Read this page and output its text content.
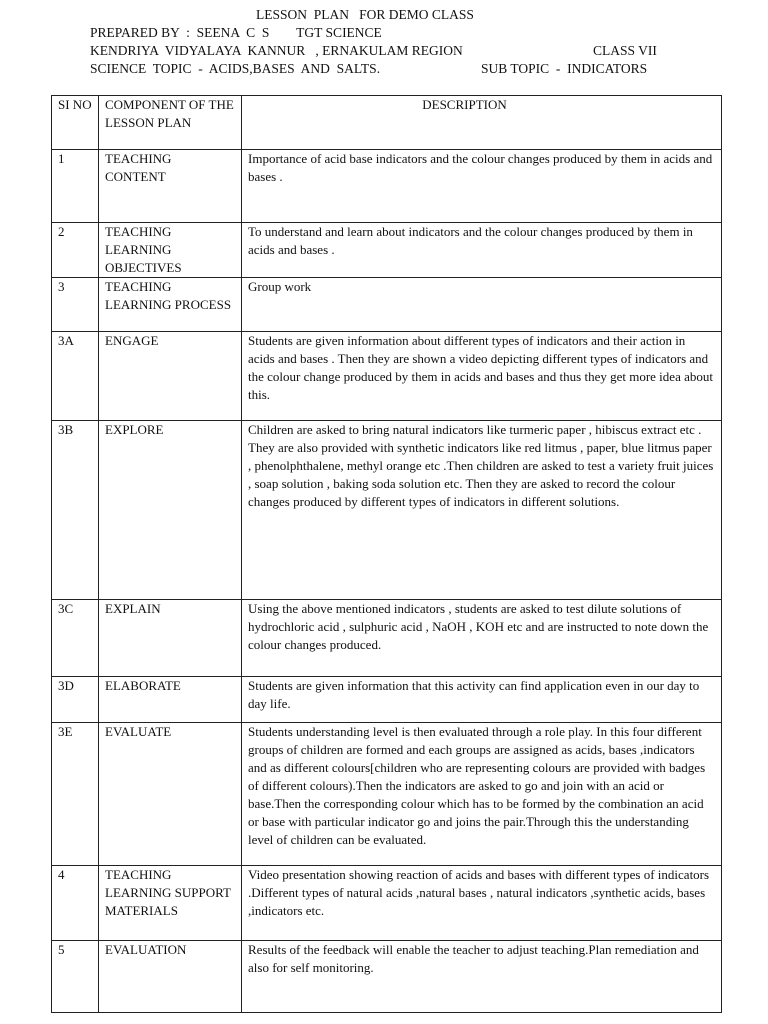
LESSON  PLAN   FOR DEMO CLASS
PREPARED BY  :  SEENA  C  S        TGT SCIENCE
KENDRIYA  VIDYALAYA  KANNUR   , ERNAKULAM REGION	CLASS VII
SCIENCE  TOPIC  -  ACIDS,BASES  AND  SALTS.	SUB TOPIC  -  INDICATORS
SI NO	COMPONENT OF THE LESSON PLAN	DESCRIPTION
1	TEACHING CONTENT	Importance of acid base indicators and the colour changes produced by them in acids and bases .
2	TEACHING LEARNING OBJECTIVES	To understand and learn about indicators and the colour changes produced by them in acids and bases .
3	TEACHING LEARNING PROCESS	Group work
3A	ENGAGE	Students are given information about different types of indicators and their action in acids and bases . Then they are shown a video depicting different types of indicators and the colour change produced by them in acids and bases and thus they get more idea about this.
3B	EXPLORE	Children are asked to bring natural indicators like turmeric paper , hibiscus extract etc . They are also provided with synthetic indicators like red litmus , paper, blue litmus paper , phenolphthalene, methyl orange etc .Then children are asked to test a variety fruit juices , soap solution , baking soda solution etc. Then they are asked to record the colour changes produced by different types of indicators in different solutions.
3C	EXPLAIN	Using the above mentioned indicators , students are asked to test dilute solutions of hydrochloric acid , sulphuric acid , NaOH , KOH etc and are instructed to note down the colour changes produced.
3D	ELABORATE	Students are given information that this activity can find application even in our day to day life.
3E	EVALUATE	Students understanding level is then evaluated through a role play. In this four different groups of children are formed and each groups are assigned as acids, bases ,indicators and as different colours[children who are representing colours are provided with badges of different colours).Then the indicators are asked to go and join with an acid or base.Then the corresponding colour which has to be formed by the combination an acid or base with particular indicator go and joins the pair.Through this the understanding level of children can be evaluated.
4	TEACHING LEARNING SUPPORT MATERIALS	Video presentation showing reaction of acids and bases with different types of indicators .Different types of natural acids ,natural bases , natural indicators ,synthetic acids, bases ,indicators etc.
5	EVALUATION	Results of the feedback will enable the teacher to adjust teaching.Plan remediation and also for self monitoring.
